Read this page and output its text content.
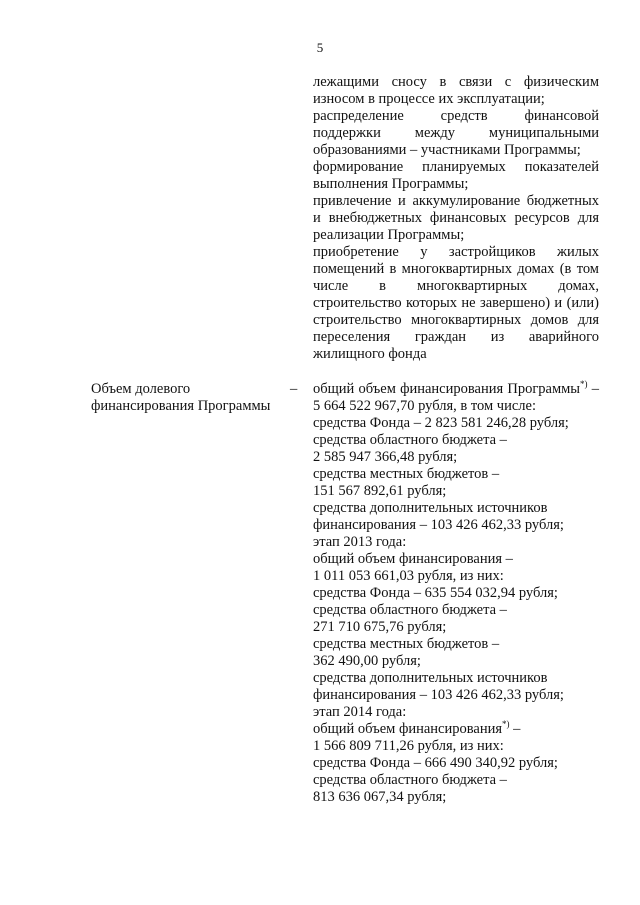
5

лежащими сносу в связи с физическим износом в процессе их эксплуатации;

распределение средств финансовой поддержки между муниципальными образованиями – участниками Программы;

формирование планируемых показателей выполнения Программы;

привлечение и аккумулирование бюджетных и внебюджетных финансовых ресурсов для реализации Программы;

приобретение у застройщиков жилых помещений в многоквартирных домах (в том числе в многоквартирных домах, строительство которых не завершено) и (или) строительство многоквартирных домов для переселения граждан из аварийного жилищного фонда

Объем долевого финансирования Программы
– общий объем финансирования Программы*) – 5 664 522 967,70 рубля, в том числе:

средства Фонда – 2 823 581 246,28 рубля;

средства областного бюджета –

2 585 947 366,48 рубля;

средства местных бюджетов –

151 567 892,61 рубля;

средства дополнительных источников

финансирования – 103 426 462,33 рубля;

этап 2013 года:

общий объем финансирования –

1 011 053 661,03 рубля, из них:

средства Фонда – 635 554 032,94 рубля;

средства областного бюджета –

271 710 675,76 рубля;

средства местных бюджетов –

362 490,00 рубля;

средства дополнительных источников

финансирования – 103 426 462,33 рубля;

этап 2014 года:

общий объем финансирования*) –

1 566 809 711,26 рубля, из них:

средства Фонда – 666 490 340,92 рубля;

средства областного бюджета –

813 636 067,34 рубля;
